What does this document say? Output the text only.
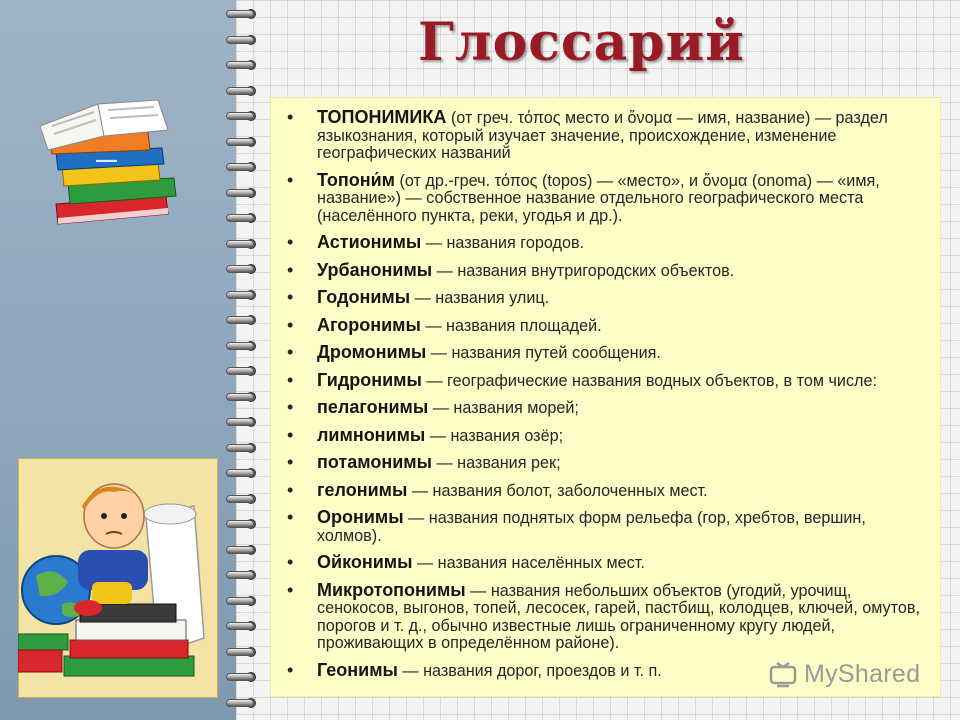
▬▬▬
Глоссарий
• ТОПОНИМИКА (от греч. τόπος место и ὄνομα — имя, название) — раздел языкознания, который изучает значение, происхождение, изменение географических названий
• Топони́м (от др.-греч. τόπος (topos) — «место», и ὄνομα (onoma) — «имя, название») — собственное название отдельного географического места (населённого пункта, реки, угодья и др.).
• Астионимы — названия городов.
• Урбанонимы — названия внутригородских объектов.
• Годонимы — названия улиц.
• Агоронимы — названия площадей.
• Дромонимы — названия путей сообщения.
• Гидронимы — географические названия водных объектов, в том числе:
• пелагонимы — названия морей;
• лимнонимы — названия озёр;
• потамонимы — названия рек;
• гелонимы — названия болот, заболоченных мест.
• Оронимы — названия поднятых форм рельефа (гор, хребтов, вершин, холмов).
• Ойконимы — названия населённых мест.
• Микротопонимы — названия небольших объектов (угодий, урочищ, сенокосов, выгонов, топей, лесосек, гарей, пастбищ, колодцев, ключей, омутов, порогов и т. д., обычно известные лишь ограниченному кругу людей, проживающих в определённом районе).
• Геонимы — названия дорог, проездов и т. п.	MyShared
